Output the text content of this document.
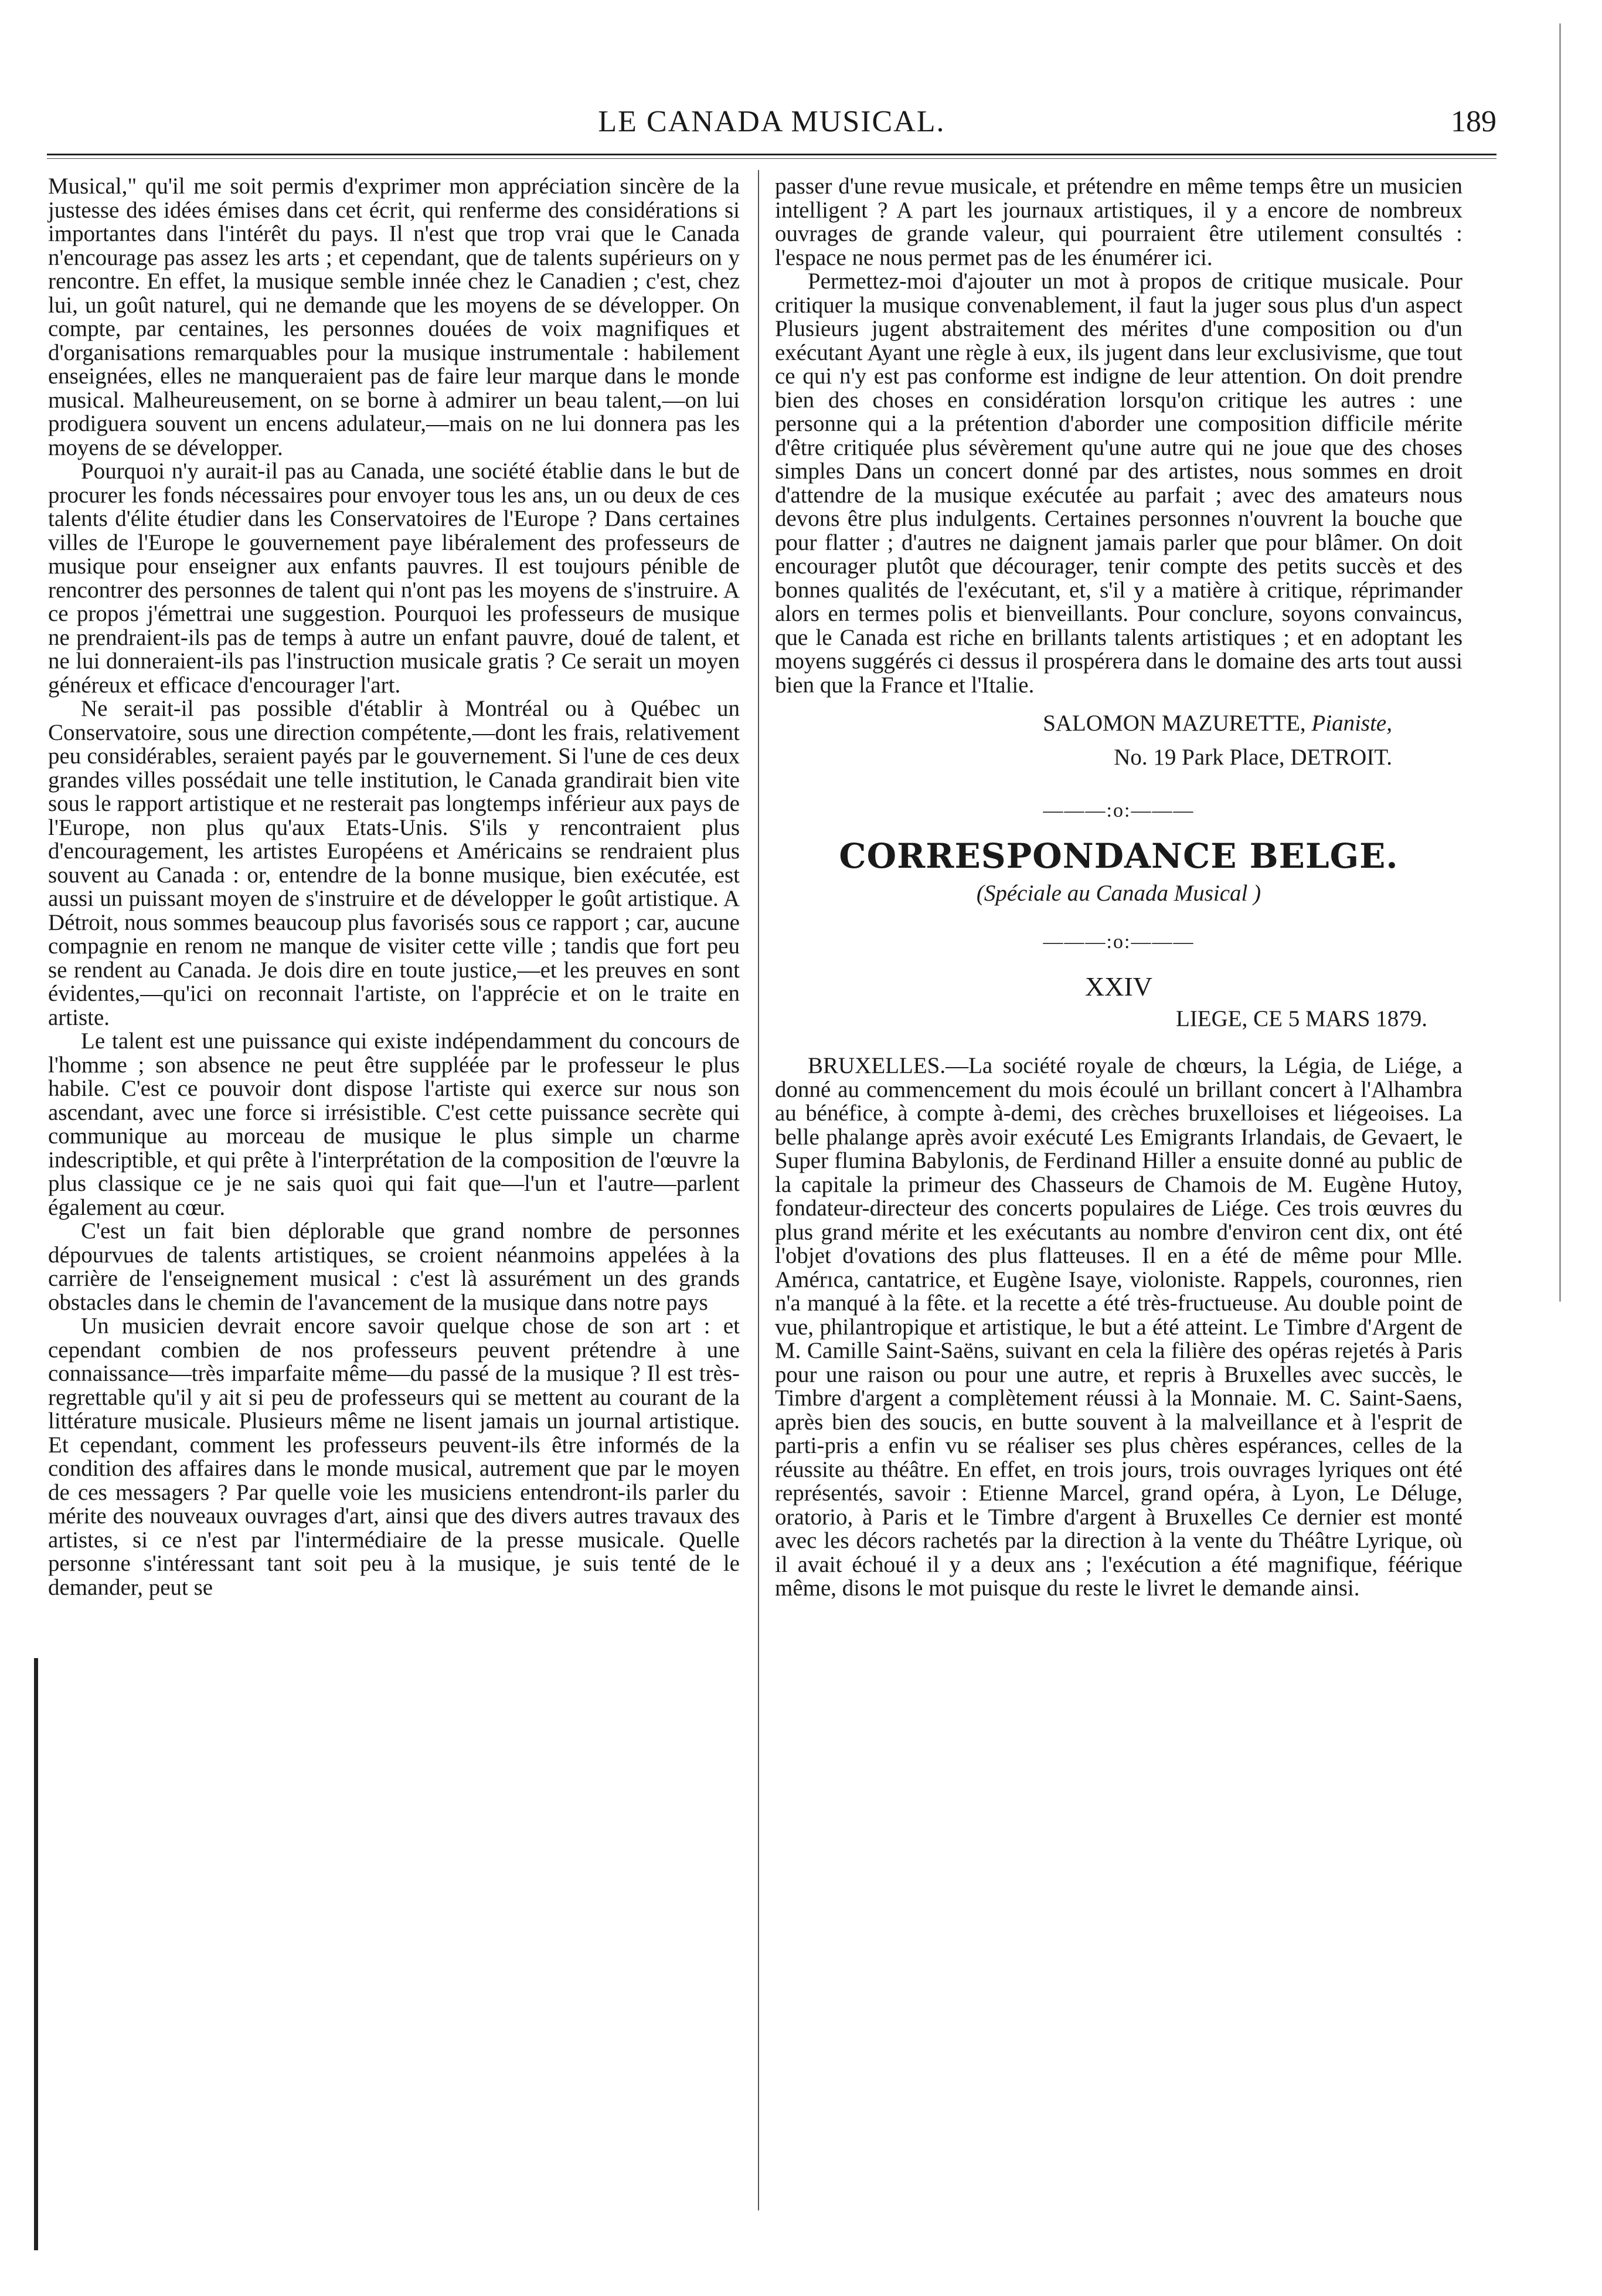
LE CANADA MUSICAL.	189

Musical," qu'il me soit permis d'exprimer mon appréciation sincère de la justesse des idées émises dans cet écrit, qui renferme des considérations si importantes dans l'intérêt du pays. Il n'est que trop vrai que le Canada n'encourage pas assez les arts ; et cependant, que de talents supérieurs on y rencontre. En effet, la musique semble innée chez le Canadien ; c'est, chez lui, un goût naturel, qui ne demande que les moyens de se développer. On compte, par centaines, les personnes douées de voix magnifiques et d'organisations remarquables pour la musique instrumentale : habilement enseignées, elles ne manqueraient pas de faire leur marque dans le monde musical. Malheureusement, on se borne à admirer un beau talent,—on lui prodiguera souvent un encens adulateur,—mais on ne lui donnera pas les moyens de se développer.

Pourquoi n'y aurait-il pas au Canada, une société établie dans le but de procurer les fonds nécessaires pour envoyer tous les ans, un ou deux de ces talents d'élite étudier dans les Conservatoires de l'Europe ? Dans certaines villes de l'Europe le gouvernement paye libéralement des professeurs de musique pour enseigner aux enfants pauvres. Il est toujours pénible de rencontrer des personnes de talent qui n'ont pas les moyens de s'instruire. A ce propos j'émettrai une suggestion. Pourquoi les professeurs de musique ne prendraient-ils pas de temps à autre un enfant pauvre, doué de talent, et ne lui donneraient-ils pas l'instruction musicale gratis ? Ce serait un moyen généreux et efficace d'encourager l'art.

Ne serait-il pas possible d'établir à Montréal ou à Québec un Conservatoire, sous une direction compétente,—dont les frais, relativement peu considérables, seraient payés par le gouvernement. Si l'une de ces deux grandes villes possédait une telle institution, le Canada grandirait bien vite sous le rapport artistique et ne resterait pas longtemps inférieur aux pays de l'Europe, non plus qu'aux Etats-Unis. S'ils y rencontraient plus d'encouragement, les artistes Européens et Américains se rendraient plus souvent au Canada : or, entendre de la bonne musique, bien exécutée, est aussi un puissant moyen de s'instruire et de développer le goût artistique. A Détroit, nous sommes beaucoup plus favorisés sous ce rapport ; car, aucune compagnie en renom ne manque de visiter cette ville ; tandis que fort peu se rendent au Canada. Je dois dire en toute justice,—et les preuves en sont évidentes,—qu'ici on reconnait l'artiste, on l'apprécie et on le traite en artiste.

Le talent est une puissance qui existe indépendamment du concours de l'homme ; son absence ne peut être suppléée par le professeur le plus habile. C'est ce pouvoir dont dispose l'artiste qui exerce sur nous son ascendant, avec une force si irrésistible. C'est cette puissance secrète qui communique au morceau de musique le plus simple un charme indescriptible, et qui prête à l'interprétation de la composition de l'œuvre la plus classique ce je ne sais quoi qui fait que—l'un et l'autre—parlent également au cœur.

C'est un fait bien déplorable que grand nombre de personnes dépourvues de talents artistiques, se croient néanmoins appelées à la carrière de l'enseignement musical : c'est là assurément un des grands obstacles dans le chemin de l'avancement de la musique dans notre pays

Un musicien devrait encore savoir quelque chose de son art : et cependant combien de nos professeurs peuvent prétendre à une connaissance—très imparfaite même—du passé de la musique ? Il est très-regrettable qu'il y ait si peu de professeurs qui se mettent au courant de la littérature musicale. Plusieurs même ne lisent jamais un journal artistique. Et cependant, comment les professeurs peuvent-ils être informés de la condition des affaires dans le monde musical, autrement que par le moyen de ces messagers ? Par quelle voie les musiciens entendront-ils parler du mérite des nouveaux ouvrages d'art, ainsi que des divers autres travaux des artistes, si ce n'est par l'intermédiaire de la presse musicale. Quelle personne s'intéressant tant soit peu à la musique, je suis tenté de le demander, peut se

passer d'une revue musicale, et prétendre en même temps être un musicien intelligent ? A part les journaux artistiques, il y a encore de nombreux ouvrages de grande valeur, qui pourraient être utilement consultés : l'espace ne nous permet pas de les énumérer ici.

Permettez-moi d'ajouter un mot à propos de critique musicale. Pour critiquer la musique convenablement, il faut la juger sous plus d'un aspect Plusieurs jugent abstraitement des mérites d'une composition ou d'un exécutant Ayant une règle à eux, ils jugent dans leur exclusivisme, que tout ce qui n'y est pas conforme est indigne de leur attention. On doit prendre bien des choses en considération lorsqu'on critique les autres : une personne qui a la prétention d'aborder une composition difficile mérite d'être critiquée plus sévèrement qu'une autre qui ne joue que des choses simples Dans un concert donné par des artistes, nous sommes en droit d'attendre de la musique exécutée au parfait ; avec des amateurs nous devons être plus indulgents. Certaines personnes n'ouvrent la bouche que pour flatter ; d'autres ne daignent jamais parler que pour blâmer. On doit encourager plutôt que décourager, tenir compte des petits succès et des bonnes qualités de l'exécutant, et, s'il y a matière à critique, réprimander alors en termes polis et bienveillants. Pour conclure, soyons convaincus, que le Canada est riche en brillants talents artistiques ; et en adoptant les moyens suggérés ci dessus il prospérera dans le domaine des arts tout aussi bien que la France et l'Italie.

SALOMON MAZURETTE, Pianiste,
No. 19 Park Place, DETROIT.
———:o:———
CORRESPONDANCE BELGE.
(Spéciale au Canada Musical )
———:o:———
XXIV
LIEGE, CE 5 MARS 1879.

BRUXELLES.—La société royale de chœurs, la Légia, de Liége, a donné au commencement du mois écoulé un brillant concert à l'Alhambra au bénéfice, à compte à-demi, des crèches bruxelloises et liégeoises. La belle phalange après avoir exécuté Les Emigrants Irlandais, de Gevaert, le Super flumina Babylonis, de Ferdinand Hiller a ensuite donné au public de la capitale la primeur des Chasseurs de Chamois de M. Eugène Hutoy, fondateur-directeur des concerts populaires de Liége. Ces trois œuvres du plus grand mérite et les exécutants au nombre d'environ cent dix, ont été l'objet d'ovations des plus flatteuses. Il en a été de même pour Mlle. Amérıca, cantatrice, et Eugène Isaye, violoniste. Rappels, couronnes, rien n'a manqué à la fête. et la recette a été très-fructueuse. Au double point de vue, philantropique et artistique, le but a été atteint. Le Timbre d'Argent de M. Camille Saint-Saëns, suivant en cela la filière des opéras rejetés à Paris pour une raison ou pour une autre, et repris à Bruxelles avec succès, le Timbre d'argent a complètement réussi à la Monnaie. M. C. Saint-Saens, après bien des soucis, en butte souvent à la malveillance et à l'esprit de parti-pris a enfin vu se réaliser ses plus chères espérances, celles de la réussite au théâtre. En effet, en trois jours, trois ouvrages lyriques ont été représentés, savoir : Etienne Marcel, grand opéra, à Lyon, Le Déluge, oratorio, à Paris et le Timbre d'argent à Bruxelles Ce dernier est monté avec les décors rachetés par la direction à la vente du Théâtre Lyrique, où il avait échoué il y a deux ans ; l'exécution a été magnifique, féérique même, disons le mot puisque du reste le livret le demande ainsi.
